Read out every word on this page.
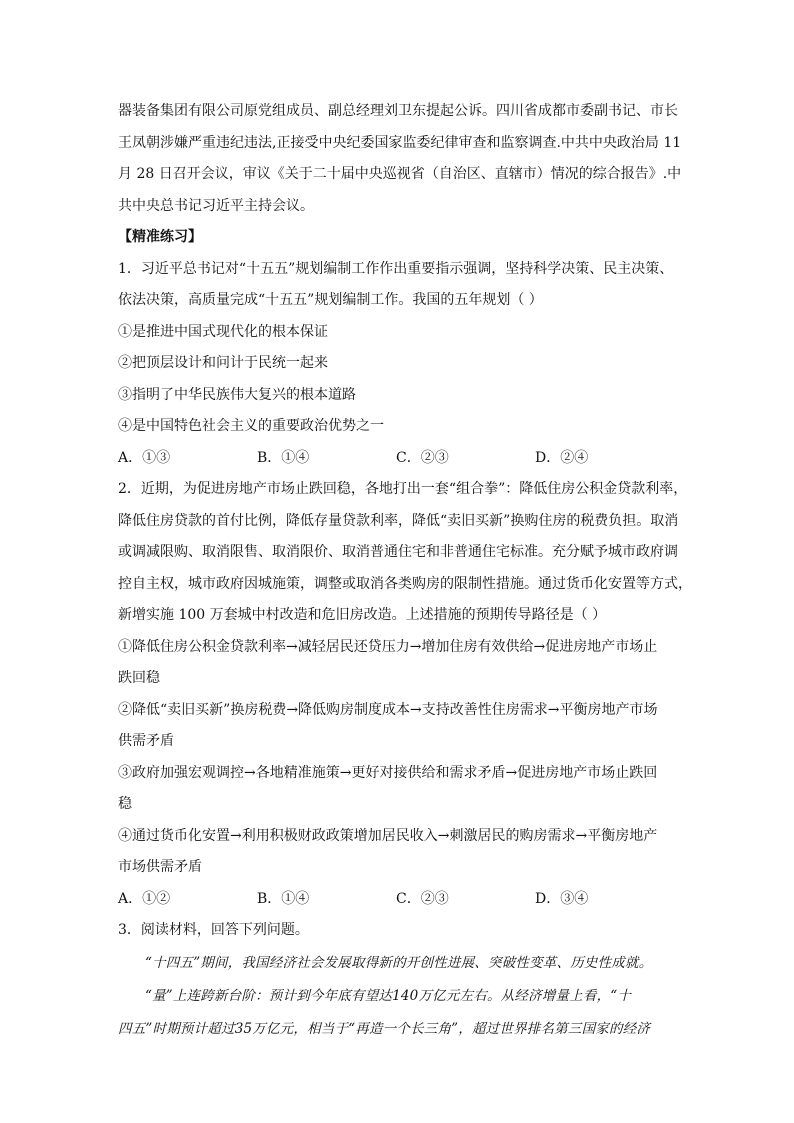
器装备集团有限公司原党组成员、副总经理刘卫东提起公诉。四川省成都市委副书记、市长

王凤朝涉嫌严重违纪违法,正接受中央纪委国家监委纪律审查和监察调查.中共中央政治局 11

月 28 日召开会议，审议《关于二十届中央巡视省（自治区、直辖市）情况的综合报告》.中

共中央总书记习近平主持会议。

【精准练习】

1．习近平总书记对“十五五”规划编制工作作出重要指示强调，坚持科学决策、民主决策、

依法决策，高质量完成“十五五”规划编制工作。我国的五年规划（ ）

①是推进中国式现代化的根本保证

②把顶层设计和问计于民统一起来

③指明了中华民族伟大复兴的根本道路

④是中国特色社会主义的重要政治优势之一

A．①③	B．①④	C．②③	D．②④

2．近期，为促进房地产市场止跌回稳，各地打出一套“组合拳”：降低住房公积金贷款利率，

降低住房贷款的首付比例，降低存量贷款利率，降低“卖旧买新”换购住房的税费负担。取消

或调减限购、取消限售、取消限价、取消普通住宅和非普通住宅标准。充分赋予城市政府调

控自主权，城市政府因城施策，调整或取消各类购房的限制性措施。通过货币化安置等方式，

新增实施 100 万套城中村改造和危旧房改造。上述措施的预期传导路径是（ ）

①降低住房公积金贷款利率→减轻居民还贷压力→增加住房有效供给→促进房地产市场止

跌回稳

②降低“卖旧买新”换房税费→降低购房制度成本→支持改善性住房需求→平衡房地产市场

供需矛盾

③政府加强宏观调控→各地精准施策→更好对接供给和需求矛盾→促进房地产市场止跌回

稳

④通过货币化安置→利用积极财政政策增加居民收入→刺激居民的购房需求→平衡房地产

市场供需矛盾

A．①②	B．①④	C．②③	D．③④

3．阅读材料，回答下列问题。

“十四五”期间，我国经济社会发展取得新的开创性进展、突破性变革、历史性成就。

“量”上连跨新台阶：预计到今年底有望达140万亿元左右。从经济增量上看，“十

四五”时期预计超过35万亿元，相当于“再造一个长三角”，超过世界排名第三国家的经济
